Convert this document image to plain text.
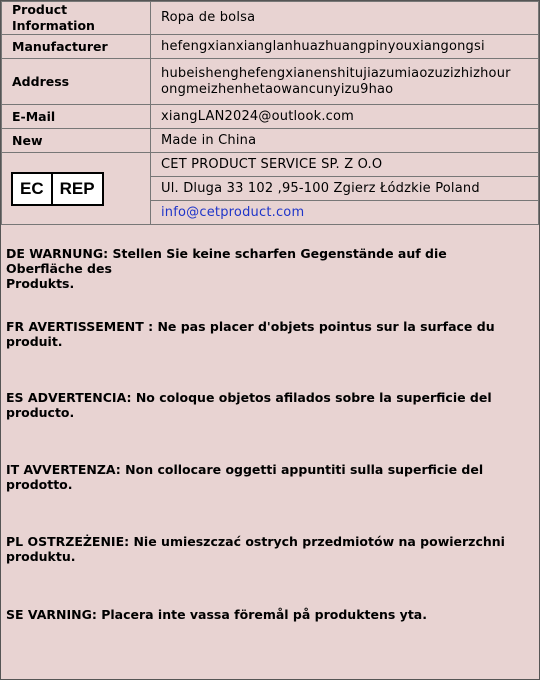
Product Information	Ropa de bolsa
Manufacturer	hefengxianxianglanhuazhuangpinyouxiangongsi
Address	hubeishenghefengxianenshitujiazumiaozuzizhizhour
ongmeizhenhetaowancunyizu9hao

E-Mail	xiangLAN2024@outlook.com
New	Made in China

EC REP	CET PRODUCT SERVICE SP. Z O.O
	Ul. Dluga 33 102 ,95-100 Zgierz Łódzkie Poland
	info@cetproduct.com
DE WARNUNG: Stellen Sie keine scharfen Gegenstände auf die Oberfläche des
Produkts.
FR AVERTISSEMENT : Ne pas placer d'objets pointus sur la surface du produit.
ES ADVERTENCIA: No coloque objetos afilados sobre la superficie del
producto.
IT AVVERTENZA: Non collocare oggetti appuntiti sulla superficie del prodotto.
PL OSTRZEŻENIE: Nie umieszczać ostrych przedmiotów na powierzchni
produktu.
SE VARNING: Placera inte vassa föremål på produktens yta.
